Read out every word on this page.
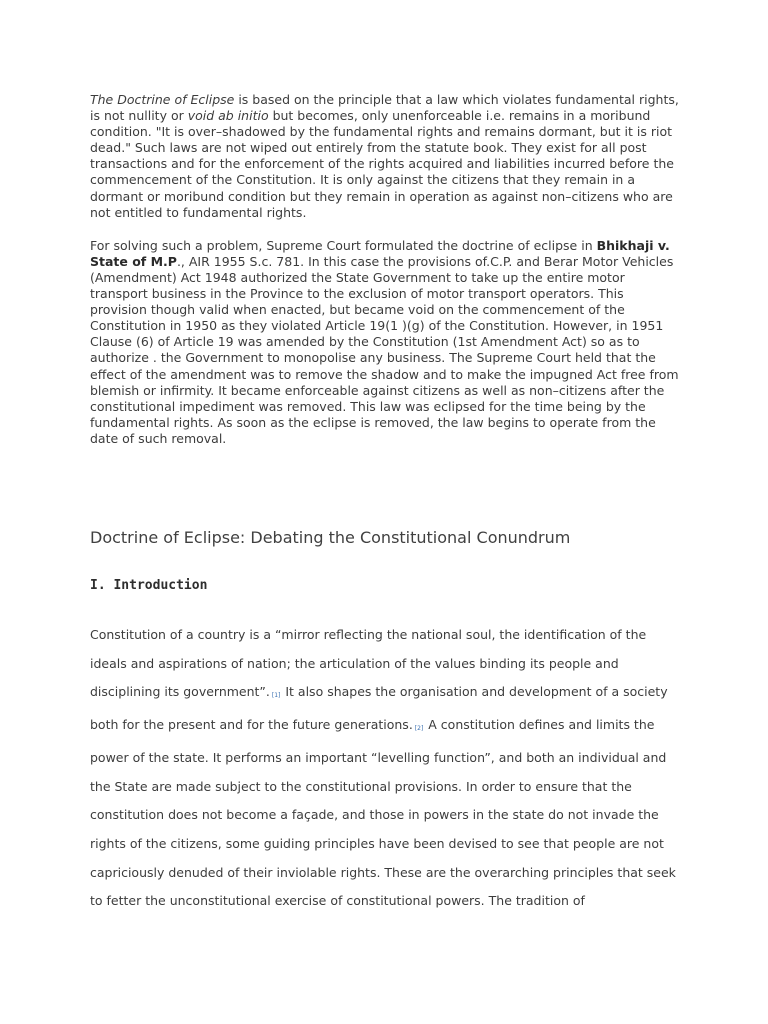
The Doctrine of Eclipse is based on the principle that a law which violates fundamental rights, is not nullity or void ab initio but becomes, only unenforceable i.e. remains in a moribund condition. "It is over–shadowed by the fundamental rights and remains dormant, but it is riot dead." Such laws are not wiped out entirely from the statute book. They exist for all post transactions and for the enforcement of the rights acquired and liabilities incurred before the commencement of the Constitution. It is only against the citizens that they remain in a dormant or moribund condition but they remain in operation as against non–citizens who are not entitled to fundamental rights.

For solving such a problem, Supreme Court formulated the doctrine of eclipse in Bhikhaji v. State of M.P., AIR 1955 S.c. 781. In this case the provisions of.C.P. and Berar Motor Vehicles (Amendment) Act 1948 authorized the State Government to take up the entire motor transport business in the Province to the exclusion of motor transport operators. This provision though valid when enacted, but became void on the commencement of the Constitution in 1950 as they violated Article 19(1 )(g) of the Constitution. However, in 1951 Clause (6) of Article 19 was amended by the Constitution (1st Amendment Act) so as to authorize . the Government to monopolise any business. The Supreme Court held that the effect of the amendment was to remove the shadow and to make the impugned Act free from blemish or infirmity. It became enforceable against citizens as well as non–citizens after the constitutional impediment was removed. This law was eclipsed for the time being by the fundamental rights. As soon as the eclipse is removed, the law begins to operate from the date of such removal.

Doctrine of Eclipse: Debating the Constitutional Conundrum
I. Introduction

Constitution of a country is a “mirror reflecting the national soul, the identification of the ideals and aspirations of nation; the articulation of the values binding its people and disciplining its government”. [1] It also shapes the organisation and development of a society both for the present and for the future generations. [2] A constitution defines and limits the power of the state. It performs an important “levelling function”, and both an individual and the State are made subject to the constitutional provisions. In order to ensure that the constitution does not become a façade, and those in powers in the state do not invade the rights of the citizens, some guiding principles have been devised to see that people are not capriciously denuded of their inviolable rights. These are the overarching principles that seek to fetter the unconstitutional exercise of constitutional powers. The tradition of
